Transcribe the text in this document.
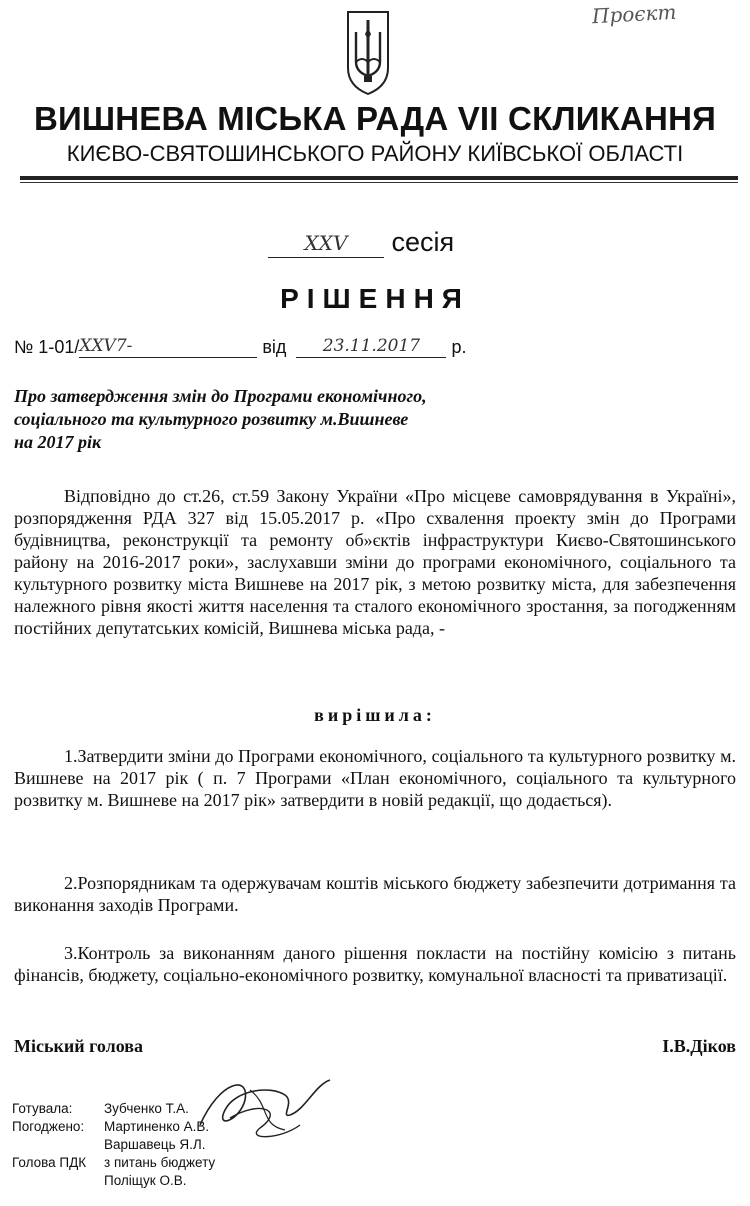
Проєкт
ВИШНЕВА МІСЬКА РАДА VII СКЛИКАННЯ
КИЄВО-СВЯТОШИНСЬКОГО РАЙОНУ КИЇВСЬКОЇ ОБЛАСТІ
XXV	сесія
РІШЕННЯ
№ 1-01/ XXV7-	від	23.11.2017	р.
Про затвердження змін до Програми економічного,
соціального та культурного розвитку м.Вишневе
на 2017 рік
Відповідно до ст.26, ст.59 Закону України «Про місцеве самоврядування в Україні», розпорядження РДА 327 від 15.05.2017 р. «Про схвалення проекту змін до Програми будівництва, реконструкції та ремонту об»єктів інфраструктури Києво-Святошинського району на 2016-2017 роки», заслухавши зміни до програми економічного, соціального та культурного розвитку міста Вишневе на 2017 рік, з метою розвитку міста, для забезпечення належного рівня якості життя населення та сталого економічного зростання, за погодженням постійних депутатських комісій, Вишнева міська рада, -
вирішила:
1.Затвердити зміни до Програми економічного, соціального та культурного розвитку м. Вишневе на 2017 рік ( п. 7 Програми «План економічного, соціального та культурного розвитку м. Вишневе на 2017 рік» затвердити в новій редакції, що додається).
2.Розпорядникам та одержувачам коштів міського бюджету забезпечити дотримання та виконання заходів Програми.
3.Контроль за виконанням даного рішення покласти на постійну комісію з питань фінансів, бюджету, соціально-економічного розвитку, комунальної власності та приватизації.
Міський голова	І.В.Діков
Готувала:	Зубченко Т.А.
Погоджено:	Мартиненко А.В.
	Варшавець Я.Л.
Голова ПДК	з питань бюджету
	Поліщук О.В.
